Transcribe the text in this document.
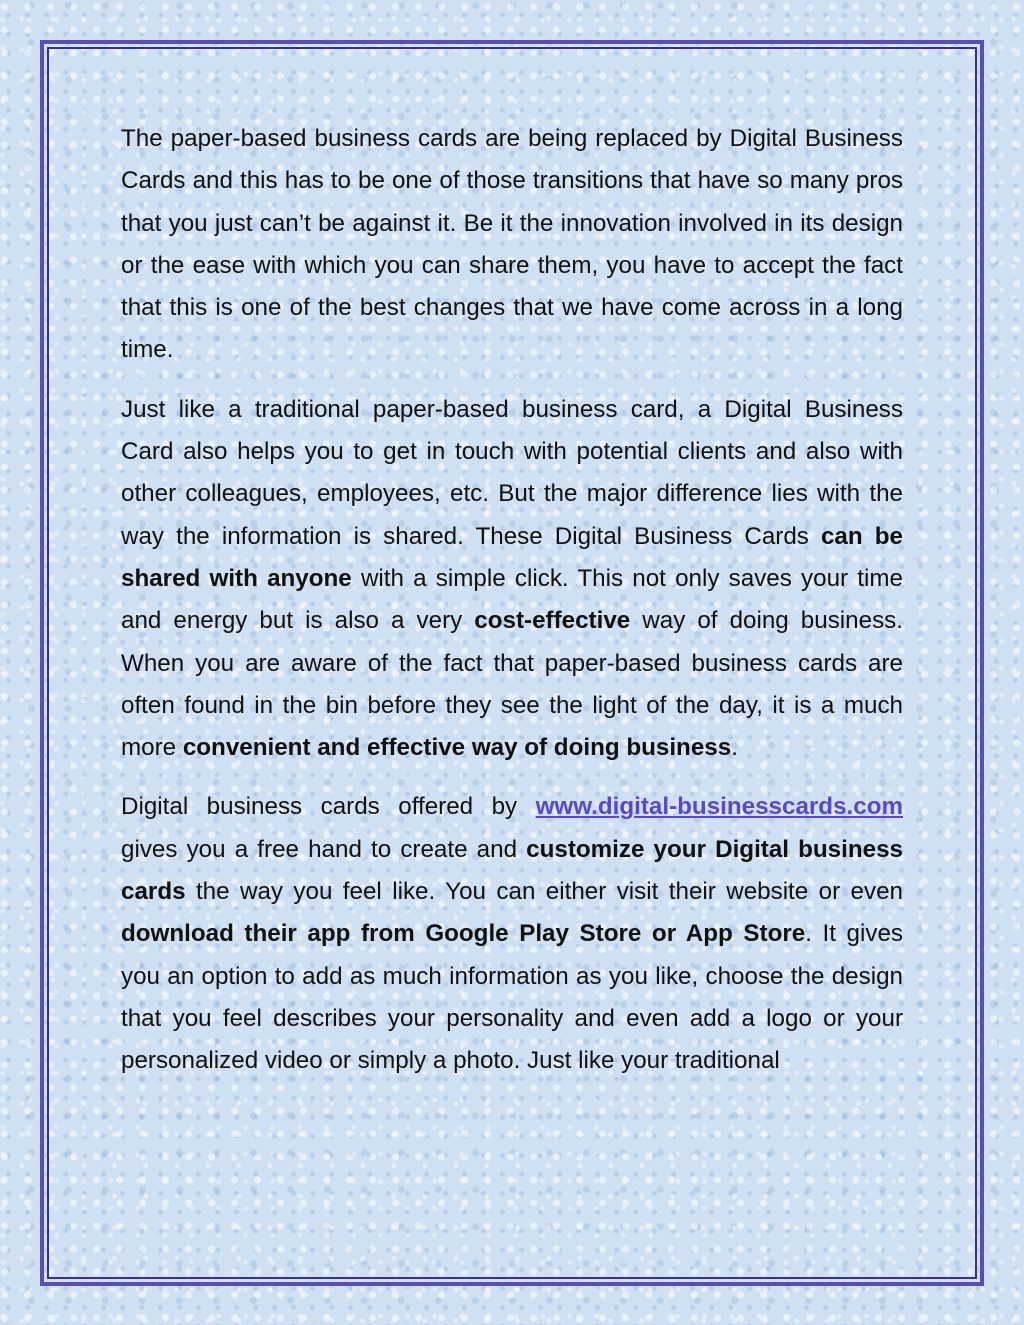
The paper-based business cards are being replaced by Digital Business Cards and this has to be one of those transitions that have so many pros that you just can’t be against it. Be it the innovation involved in its design or the ease with which you can share them, you have to accept the fact that this is one of the best changes that we have come across in a long time.

Just like a traditional paper-based business card, a Digital Business Card also helps you to get in touch with potential clients and also with other colleagues, employees, etc. But the major difference lies with the way the information is shared. These Digital Business Cards can be shared with anyone with a simple click. This not only saves your time and energy but is also a very cost-effective way of doing business. When you are aware of the fact that paper-based business cards are often found in the bin before they see the light of the day, it is a much more convenient and effective way of doing business.

Digital business cards offered by www.digital-businesscards.com gives you a free hand to create and customize your Digital business cards the way you feel like. You can either visit their website or even download their app from Google Play Store or App Store. It gives you an option to add as much information as you like, choose the design that you feel describes your personality and even add a logo or your personalized video or simply a photo. Just like your traditional
